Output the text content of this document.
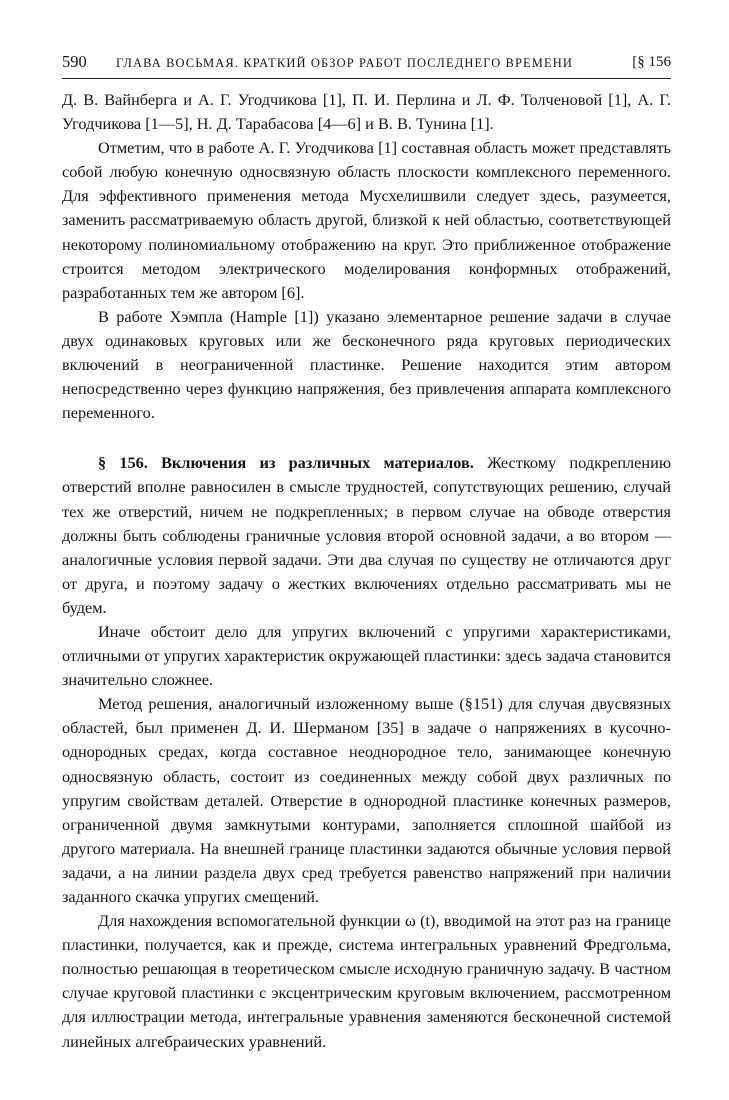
590 ГЛАВА ВОСЬМАЯ. КРАТКИЙ ОБЗОР РАБОТ ПОСЛЕДНЕГО ВРЕМЕНИ	[§ 156

Д. В. Вайнберга и А. Г. Угодчикова [1], П. И. Перлина и Л. Ф. Толченовой [1], А. Г. Угодчикова [1—5], Н. Д. Тарабасова [4—6] и В. В. Тунина [1].

Отметим, что в работе А. Г. Угодчикова [1] составная область может представлять собой любую конечную односвязную область плоскости комплексного переменного. Для эффективного применения метода Мусхелишвили следует здесь, разумеется, заменить рассматриваемую область другой, близкой к ней областью, соответствующей некоторому полиномиальному отображению на круг. Это приближенное отображение строится методом электрического моделирования конформных отображений, разработанных тем же автором [6].

В работе Хэмпла (Hample [1]) указано элементарное решение задачи в случае двух одинаковых круговых или же бесконечного ряда круговых периодических включений в неограниченной пластинке. Решение находится этим автором непосредственно через функцию напряжения, без привлечения аппарата комплексного переменного.

§ 156. Включения из различных материалов. Жесткому подкреплению отверстий вполне равносилен в смысле трудностей, сопутствующих решению, случай тех же отверстий, ничем не подкрепленных; в первом случае на обводе отверстия должны быть соблюдены граничные условия второй основной задачи, а во втором — аналогичные условия первой задачи. Эти два случая по существу не отличаются друг от друга, и поэтому задачу о жестких включениях отдельно рассматривать мы не будем.

Иначе обстоит дело для упругих включений с упругими характеристиками, отличными от упругих характеристик окружающей пластинки: здесь задача становится значительно сложнее.

Метод решения, аналогичный изложенному выше (§151) для случая двусвязных областей, был применен Д. И. Шерманом [35] в задаче о напряжениях в кусочно-однородных средах, когда составное неоднородное тело, занимающее конечную односвязную область, состоит из соединенных между собой двух различных по упругим свойствам деталей. Отверстие в однородной пластинке конечных размеров, ограниченной двумя замкнутыми контурами, заполняется сплошной шайбой из другого материала. На внешней границе пластинки задаются обычные условия первой задачи, а на линии раздела двух сред требуется равенство напряжений при наличии заданного скачка упругих смещений.

Для нахождения вспомогательной функции ω (t), вводимой на этот раз на границе пластинки, получается, как и прежде, система интегральных уравнений Фредгольма, полностью решающая в теоретическом смысле исходную граничную задачу. В частном случае круговой пластинки с эксцентрическим круговым включением, рассмотренном для иллюстрации метода, интегральные уравнения заменяются бесконечной системой линейных алгебраических уравнений.
